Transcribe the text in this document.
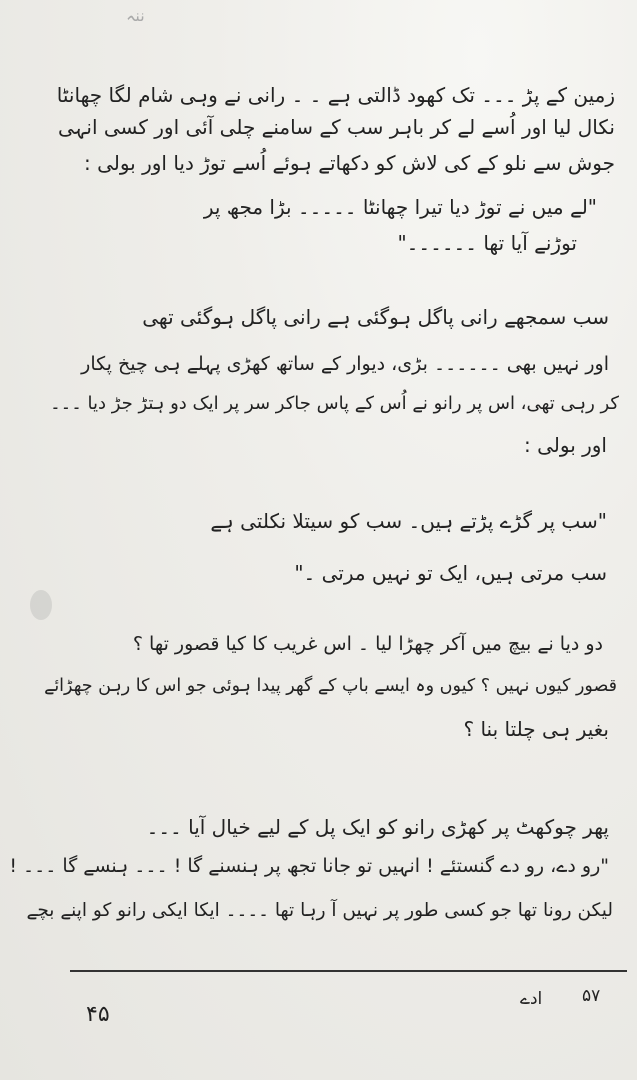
ننہ
زمین کے پڑ ۔۔۔ تک کھود ڈالتی ہے ۔ ۔ رانی نے وہی شام لگا چھانٹا
نکال لیا اور اُسے لے کر باہر سب کے سامنے چلی آئی اور کسی انہی
جوش سے نلو کے کی لاش کو دکھاتے ہوئے اُسے توڑ دیا اور بولی :
"لے میں نے توڑ دیا تیرا چھانٹا ۔۔۔۔۔ بڑا مجھ پر
توڑنے آیا تھا ۔۔۔۔۔۔"
سب سمجھے رانی پاگل ہوگئی ہے رانی پاگل ہوگئی تھی
اور نہیں بھی ۔۔۔۔۔۔ بڑی، دیوار کے ساتھ کھڑی پہلے ہی چیخ پکار
کر رہی تھی، اس پر رانو نے اُس کے پاس جاکر سر پر ایک دو ہتڑ جڑ دیا ۔۔۔
اور بولی :
"سب پر گڑے پڑتے ہیں۔ سب کو سیتلا نکلتی ہے
سب مرتی ہیں، ایک تو نہیں مرتی ۔"
دو دیا نے بیچ میں آکر چھڑا لیا ۔ اس غریب کا کیا قصور تھا ؟
قصور کیوں نہیں ؟ کیوں وہ ایسے باپ کے گھر پیدا ہوئی جو اس کا رہن چھڑائے
بغیر ہی چلتا بنا ؟
پھر چوکھٹ پر کھڑی رانو کو ایک پل کے لیے خیال آیا ۔۔۔
"رو دے، رو دے گنستئے ! انہیں تو جانا تجھ پر ہنسنے گا ! ۔۔۔ ہنسے گا ۔۔۔ !
لیکن رونا تھا جو کسی طور پر نہیں آ رہا تھا ۔۔۔۔ ایکا ایکی رانو کو اپنے بچے
۴۵
ادے ۵۷
